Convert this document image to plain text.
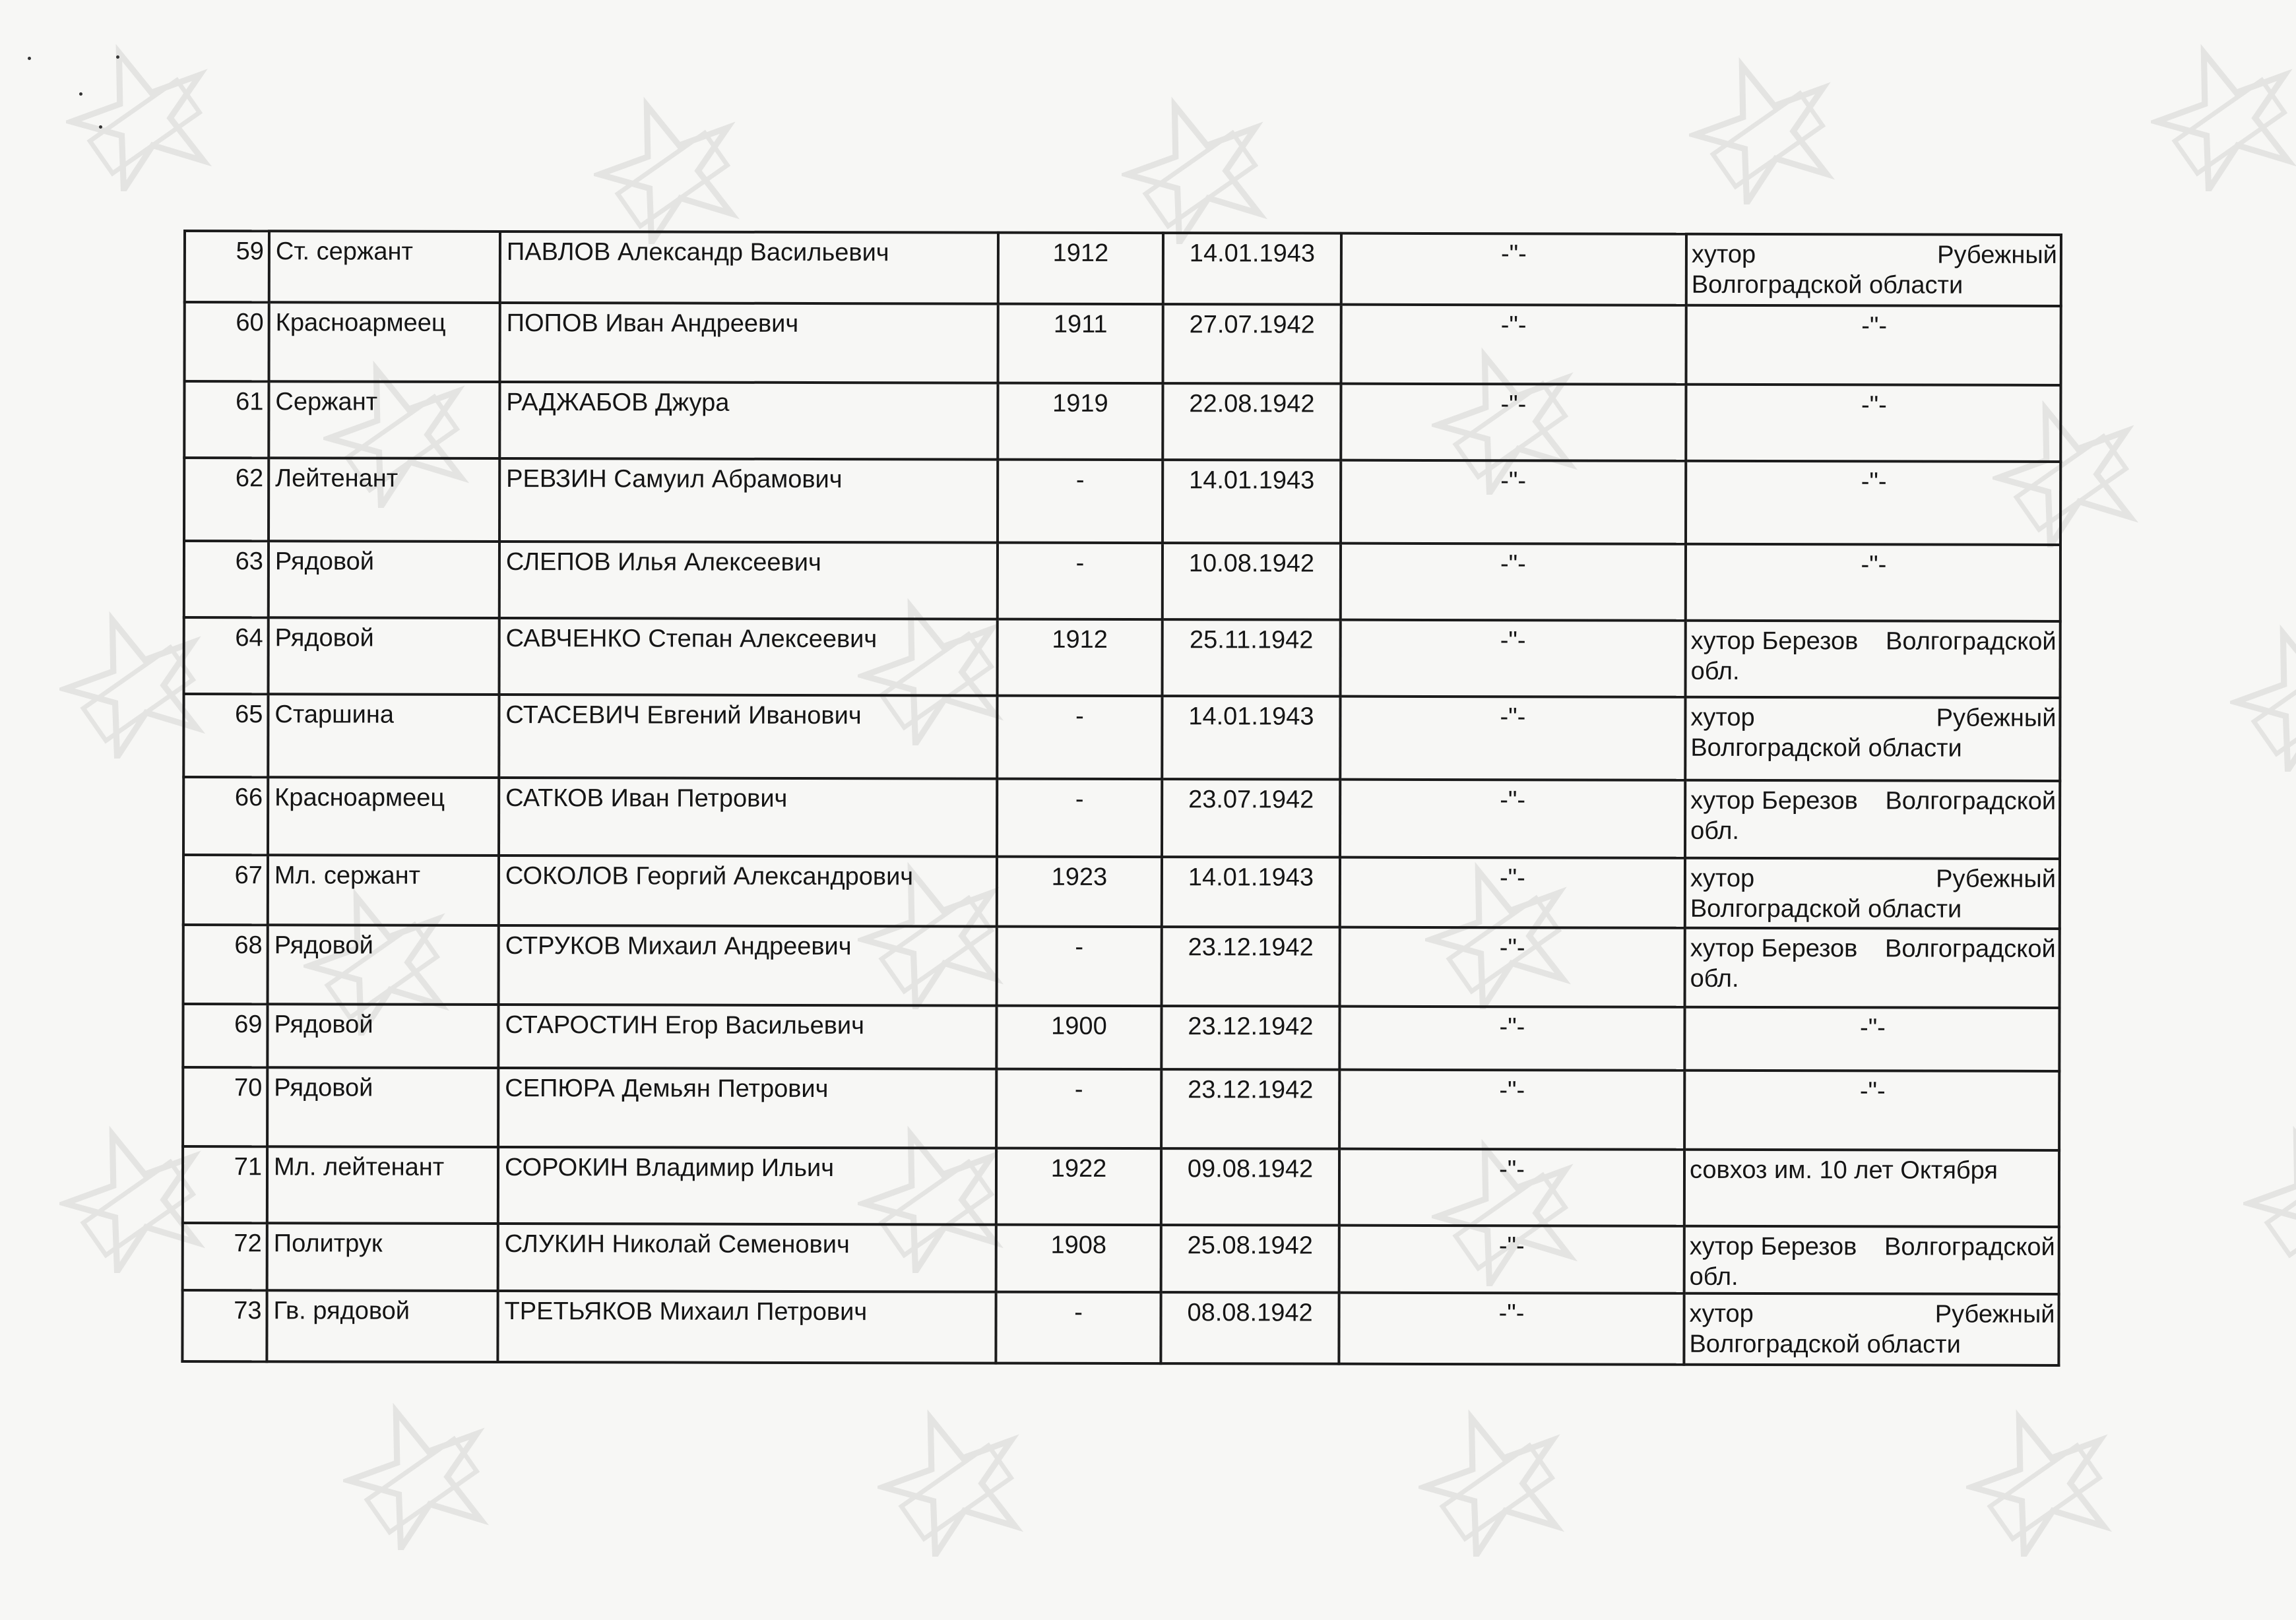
59	Ст. сержант	ПАВЛОВ Александр Васильевич	1912	14.01.1943	-"-	хутор Рубежный
Волгоградской области

60	Красноармеец	ПОПОВ Иван Андреевич	1911	27.07.1942	-"-	-"-

61	Сержант	РАДЖАБОВ Джура	1919	22.08.1942	-"-	-"-

62	Лейтенант	РЕВЗИН Самуил Абрамович	-	14.01.1943	-"-	-"-

63	Рядовой	СЛЕПОВ Илья Алексеевич	-	10.08.1942	-"-	-"-

64	Рядовой	САВЧЕНКО Степан Алексеевич	1912	25.11.1942	-"-	хутор Березов Волгоградской
обл.

65	Старшина	СТАСЕВИЧ Евгений Иванович	-	14.01.1943	-"-	хутор Рубежный
Волгоградской области

66	Красноармеец	САТКОВ Иван Петрович	-	23.07.1942	-"-	хутор Березов Волгоградской
обл.

67	Мл. сержант	СОКОЛОВ Георгий Александрович	1923	14.01.1943	-"-	хутор Рубежный
Волгоградской области

68	Рядовой	СТРУКОВ Михаил Андреевич	-	23.12.1942	-"-	хутор Березов Волгоградской
обл.

69	Рядовой	СТАРОСТИН Егор Васильевич	1900	23.12.1942	-"-	-"-

70	Рядовой	СЕПЮРА Демьян Петрович	-	23.12.1942	-"-	-"-

71	Мл. лейтенант	СОРОКИН Владимир Ильич	1922	09.08.1942	-"-	совхоз им. 10 лет Октября

72	Политрук	СЛУКИН Николай Семенович	1908	25.08.1942	-"-	хутор Березов Волгоградской
обл.

73	Гв. рядовой	ТРЕТЬЯКОВ Михаил Петрович	-	08.08.1942	-"-	хутор Рубежный
Волгоградской области
